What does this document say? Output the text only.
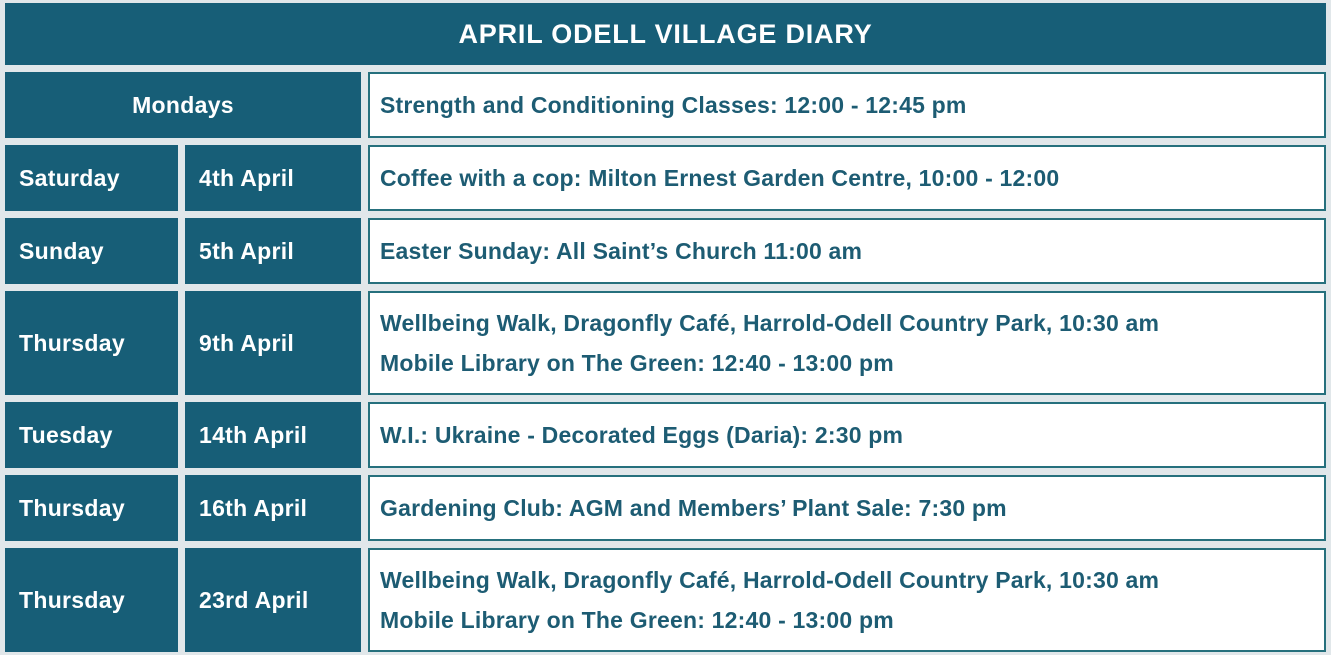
APRIL ODELL VILLAGE DIARY
Mondays	Strength and Conditioning Classes: 12:00 - 12:45 pm
Saturday	4th April	Coffee with a cop: Milton Ernest Garden Centre, 10:00 - 12:00
Sunday	5th April	Easter Sunday: All Saint’s Church 11:00 am
Thursday	9th April
Wellbeing Walk, Dragonfly Café, Harrold-Odell Country Park, 10:30 am
Mobile Library on The Green: 12:40 - 13:00 pm
Tuesday	14th April	W.I.: Ukraine - Decorated Eggs (Daria): 2:30 pm
Thursday	16th April	Gardening Club: AGM and Members’ Plant Sale: 7:30 pm
Thursday	23rd April
Wellbeing Walk, Dragonfly Café, Harrold-Odell Country Park, 10:30 am
Mobile Library on The Green: 12:40 - 13:00 pm
